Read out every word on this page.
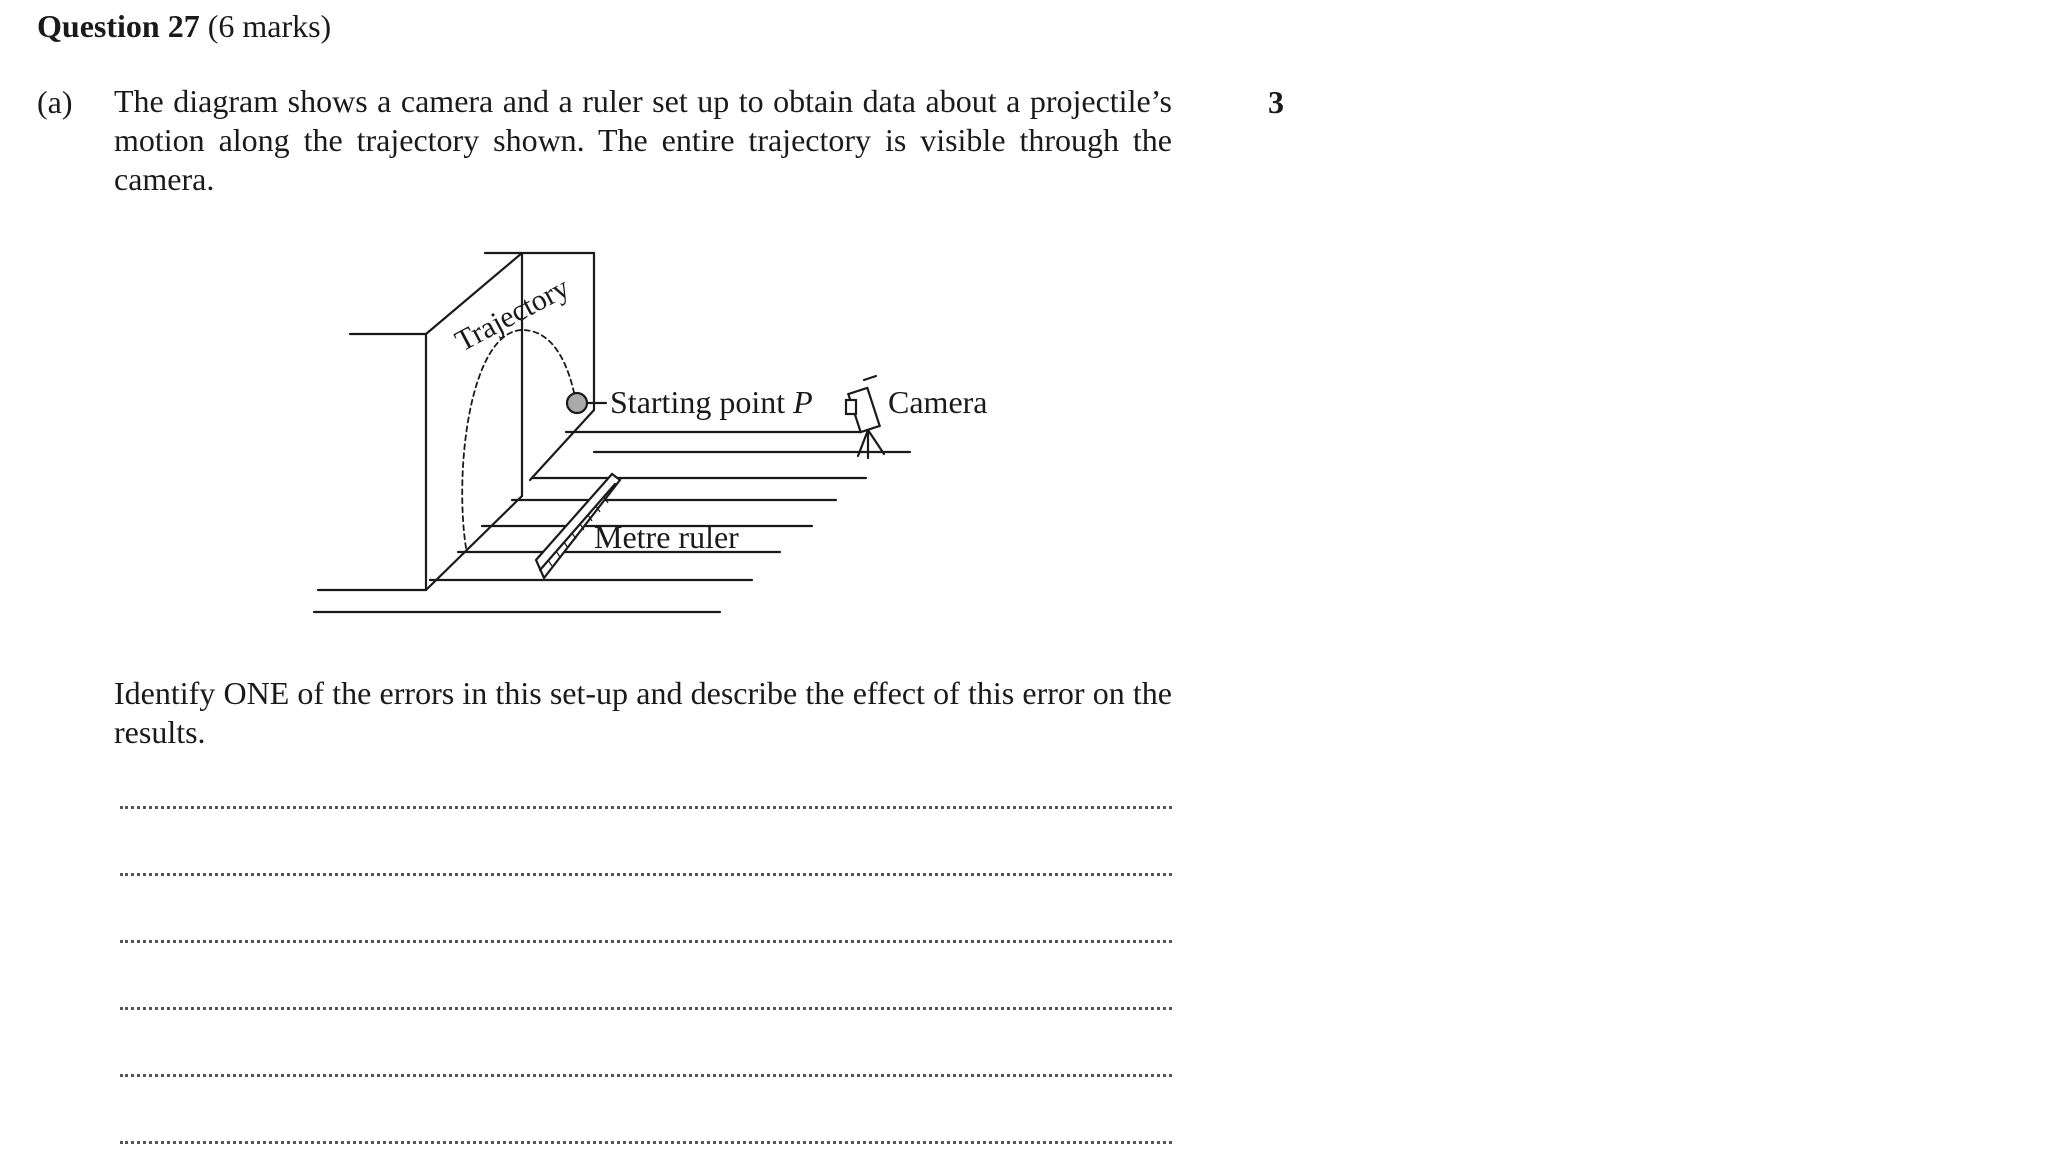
Question 27 (6 marks)
(a)	3
The diagram shows a camera and a ruler set up to obtain data about a projectile’s motion along the trajectory shown. The entire trajectory is visible through the camera.
Trajectory
Starting point P Camera
Metre ruler
Identify ONE of the errors in this set-up and describe the effect of this error on the results.
